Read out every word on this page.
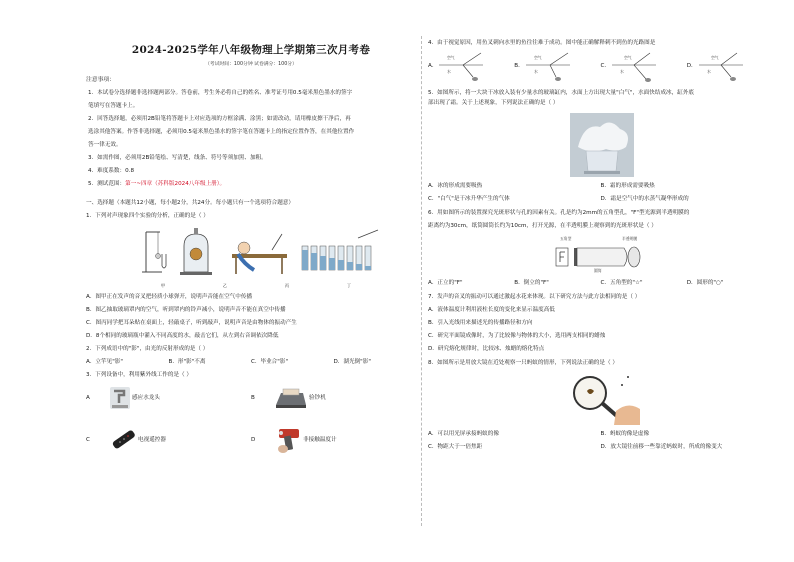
2024-2025学年八年级物理上学期第三次月考卷
（考试时间：100分钟 试卷满分：100分）
注意事项：
1．本试卷分选择题非选择题两部分。答卷前，考生务必将自己的姓名、准考证号用0.5毫米黑色墨水的签字
笔填写在答题卡上。
2．回答选择题，必须用2B铅笔将答题卡上对应选项的方框涂满、涂黑；如需改动，请用橡皮擦干净后，再
选涂其他答案。作答非选择题，必须用0.5毫米黑色墨水的签字笔在答题卡上的指定位置作答，在其他位置作
答一律无效。
3．如需作图，必须用2B铅笔绘、写清楚，线条、符号等须加黑、加粗。
4．难度系数：0.8
5．测试范围：第一~四章（苏科版2024八年级上册）。
一、选择题（本题共12小题，每小题2分，共24分。每小题只有一个选项符合题意）
1．下列对声现象四个实验的分析，正确的是（ ）
甲	乙	丙	丁
A．图甲正在发声的音叉把轻质小球弹开，说明声音能在空气中传播
B．图乙抽取玻璃罩内的空气，听到罩内的铃声减小，说明声音不能在真空中传播
C．图丙同学把耳朵贴在桌面上，轻敲桌子，听到敲声，说明声音是由物体的振动产生
D．8个相同的玻璃瓶中灌入不同高度的水，敲击它们，从左到右音调依次降低
2．下列成语中的"影"，由光的反射形成的是（ ）
A．立竿见"影"	B．形"影"不离	C．毕业合"影"	D．湖光倒"影"
3．下列设备中，利用紫外线工作的是（ ）
A	感应水龙头	B	验钞机
C	电视遥控器	D	非接触温度计
4．由于视觉原因，用鱼叉刺向水里的鱼往往难于成功。图中能正确解释刺不到鱼的光路图是
A．
空气
水
B．
空气
水
C．
空气
水
D．
空气
水
5．如图所示，将一大块干冰放入装有少量水的玻璃缸内，水面上方出现大量"白气"，水面快结成冰，缸外底
部出现了霜。关于上述现象，下列说法正确的是（ ）
A．冰的形成需要吸热	B．霜的形成需要吸热
C．"白气"是干冰升华产生的气体	D．霜是空气中的水蒸气凝华形成的
6．用如图所示的装置探究光斑形状与孔的因素有关。孔是约为2mm的五角型孔，"F"型光源到半透明膜的
距离约为30cm，纸筒圆筒长约为10cm，打开光源，在半透明膜上观察到的光斑形状是（ ）
五角型	半透明膜
圆筒
A．正立的"F"	B．倒立的"F"	C．五角型的"☆"	D．圆形的"○"
7．发声的音叉的振动可以通过激起水花来体现。以下研究方法与此方法相同的是（ ）
A．液体温度计利用液柱长度的变化来显示温度高低
B．引入光线用来描述光的传播路径和方向
C．研究平面镜成像时，为了比较像与物体的大小，选用两支相同的蜡烛
D．研究熔化规律时，比较冰、烛蜡的熔化特点
8．如图所示是用放大镜在近处观察一只蚂蚁的情形，下列说法正确的是（ ）
A．可以用光屏承接蚂蚁的像	B．蚂蚁的像是虚像
C．物距大于一倍焦距	D．放大镜往前移一些靠近蚂蚁时，所成的像变大
